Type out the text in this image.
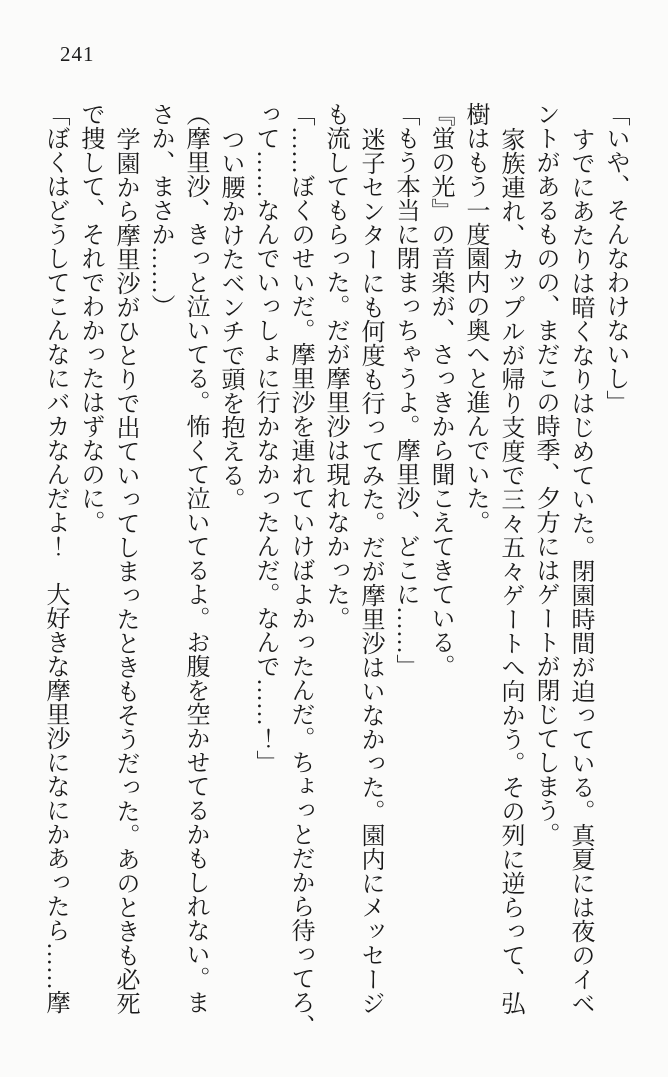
241
「いや、そんなわけないし」
すでにあたりは暗くなりはじめていた。閉園時間が迫っている。真夏には夜のイベ
ントがあるものの、まだこの時季、夕方にはゲートが閉じてしまう。
家族連れ、カップルが帰り支度で三々五々ゲートへ向かう。その列に逆らって、弘
樹はもう一度園内の奥へと進んでいた。
『蛍の光』の音楽が、さっきから聞こえてきている。
「もう本当に閉まっちゃうよ。摩里沙、どこに……」
迷子センターにも何度も行ってみた。だが摩里沙はいなかった。園内にメッセージ
も流してもらった。だが摩里沙は現れなかった。
「……ぼくのせいだ。摩里沙を連れていけばよかったんだ。ちょっとだから待ってろ、
って……なんでいっしょに行かなかったんだ。なんで……！」
つい腰かけたベンチで頭を抱える。
（摩里沙、きっと泣いてる。怖くて泣いてるよ。お腹を空かせてるかもしれない。ま
さか、まさか……）
学園から摩里沙がひとりで出ていってしまったときもそうだった。あのときも必死
で捜して、それでわかったはずなのに。
「ぼくはどうしてこんなにバカなんだよ！　大好きな摩里沙になにかあったら……摩
